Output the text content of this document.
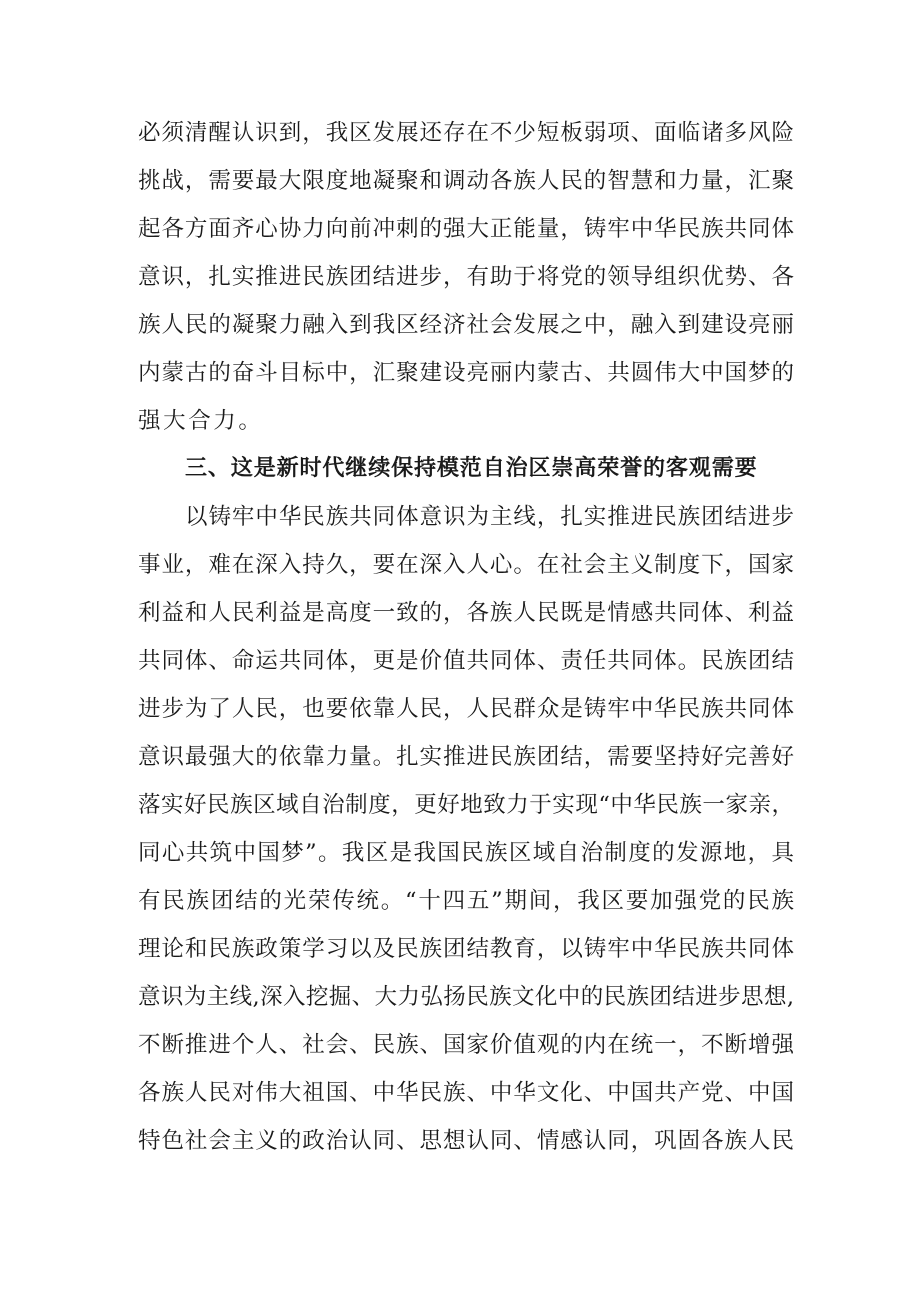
必须清醒认识到，我区发展还存在不少短板弱项、面临诸多风险
挑战，需要最大限度地凝聚和调动各族人民的智慧和力量，汇聚
起各方面齐心协力向前冲刺的强大正能量，铸牢中华民族共同体
意识，扎实推进民族团结进步，有助于将党的领导组织优势、各
族人民的凝聚力融入到我区经济社会发展之中，融入到建设亮丽
内蒙古的奋斗目标中，汇聚建设亮丽内蒙古、共圆伟大中国梦的
强大合力。
三、这是新时代继续保持模范自治区崇高荣誉的客观需要
以铸牢中华民族共同体意识为主线，扎实推进民族团结进步
事业，难在深入持久，要在深入人心。在社会主义制度下，国家
利益和人民利益是高度一致的，各族人民既是情感共同体、利益
共同体、命运共同体，更是价值共同体、责任共同体。民族团结
进步为了人民，也要依靠人民，人民群众是铸牢中华民族共同体
意识最强大的依靠力量。扎实推进民族团结，需要坚持好完善好
落实好民族区域自治制度，更好地致力于实现“中华民族一家亲，
同心共筑中国梦”。我区是我国民族区域自治制度的发源地，具
有民族团结的光荣传统。“十四五”期间，我区要加强党的民族
理论和民族政策学习以及民族团结教育，以铸牢中华民族共同体
意识为主线,深入挖掘、大力弘扬民族文化中的民族团结进步思想,
不断推进个人、社会、民族、国家价值观的内在统一，不断增强
各族人民对伟大祖国、中华民族、中华文化、中国共产党、中国
特色社会主义的政治认同、思想认同、情感认同，巩固各族人民
